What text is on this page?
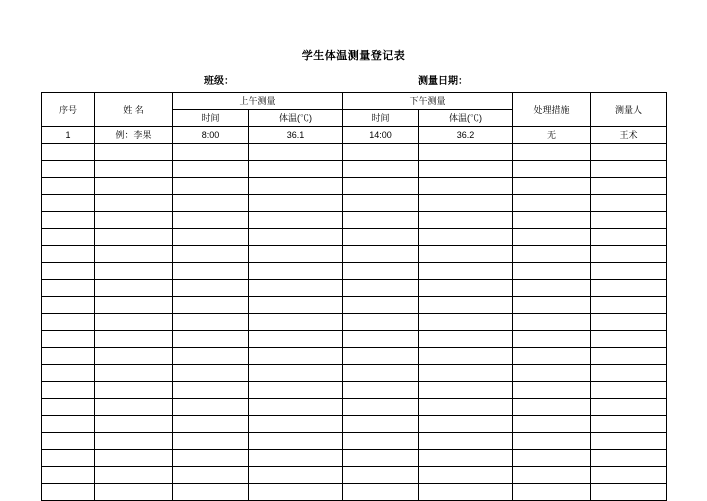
学生体温测量登记表
班级：	测量日期：
序号	姓 名	上午测量		下午测量		处理措施	测量人
		时间	体温(℃)	时间	体温(℃)		
1	例：李果	8:00	36.1	14:00	36.2	无	王术
